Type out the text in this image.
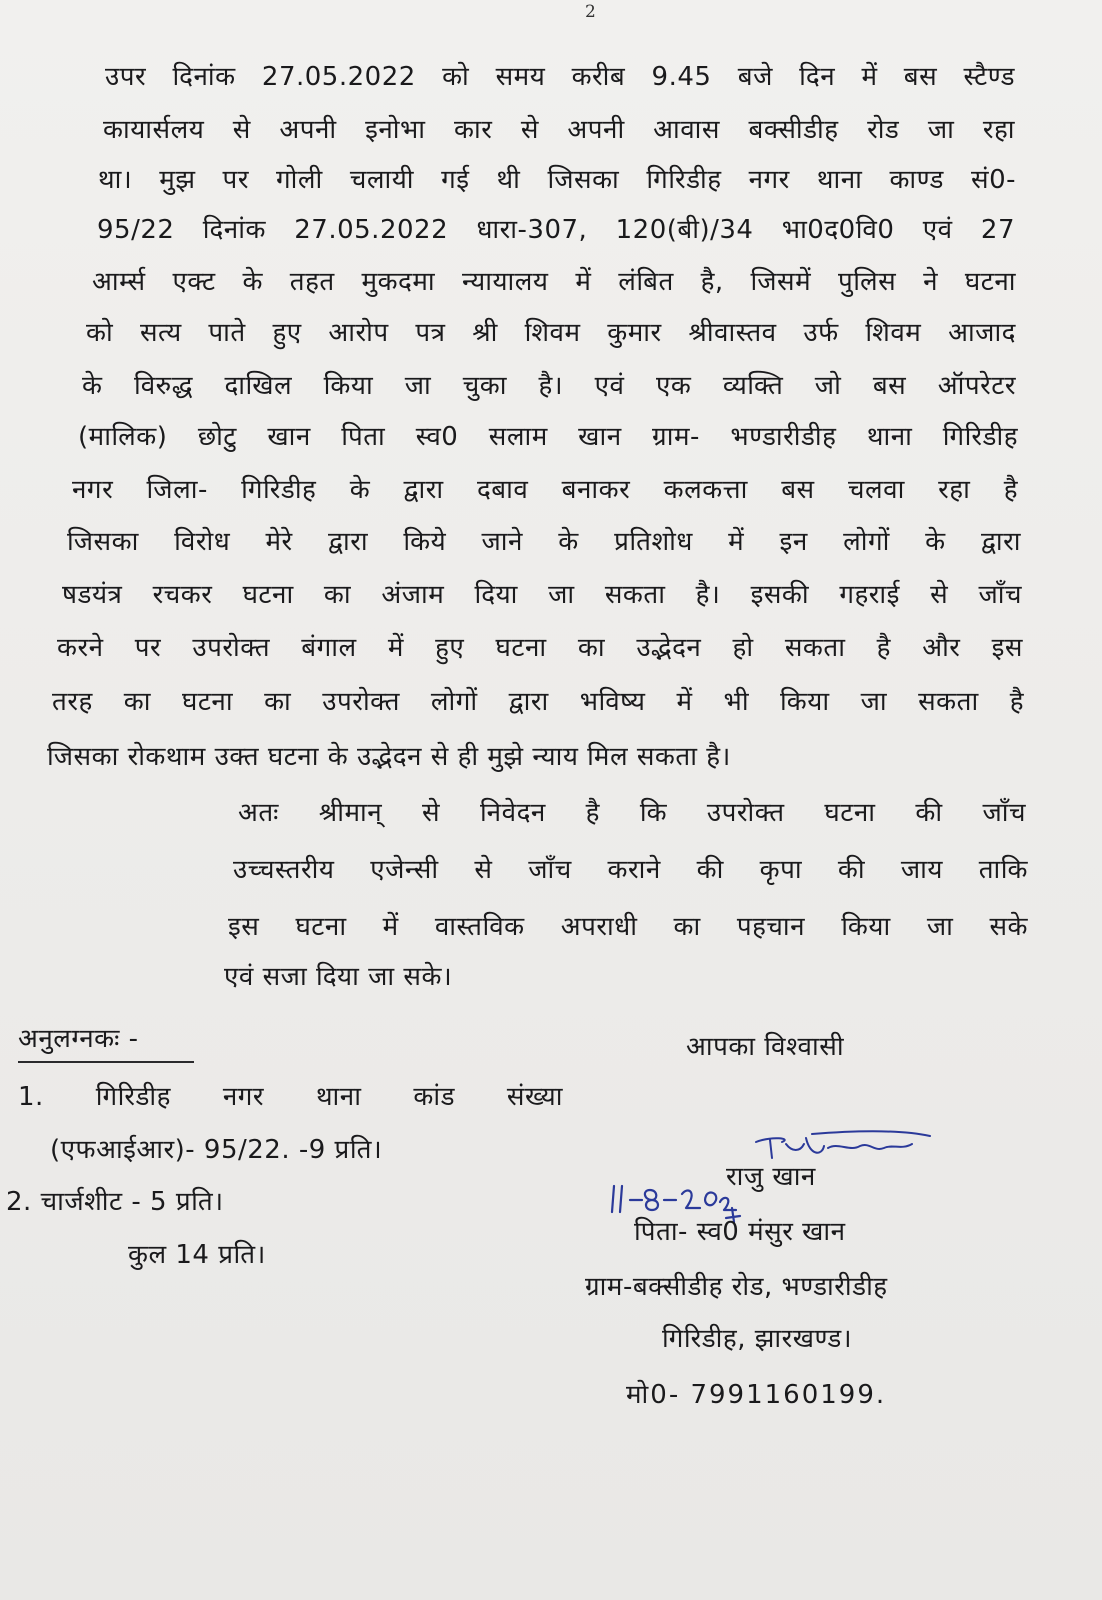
2
उपर दिनांक 27.05.2022 को समय करीब 9.45 बजे दिन में बस स्टैण्ड
कायार्सलय से अपनी इनोभा कार से अपनी आवास बक्सीडीह रोड जा रहा
था। मुझ पर गोली चलायी गई थी जिसका गिरिडीह नगर थाना काण्ड सं0-
95/22 दिनांक 27.05.2022 धारा-307, 120(बी)/34 भा0द0वि0 एवं 27
आर्म्स एक्ट के तहत मुकदमा न्यायालय में लंबित है, जिसमें पुलिस ने घटना
को सत्य पाते हुए आरोप पत्र श्री शिवम कुमार श्रीवास्तव उर्फ शिवम आजाद
के विरुद्ध दाखिल किया जा चुका है। एवं एक व्यक्ति जो बस ऑपरेटर
(मालिक) छोटु खान पिता स्व0 सलाम खान ग्राम- भण्डारीडीह थाना गिरिडीह
नगर जिला- गिरिडीह के द्वारा दबाव बनाकर कलकत्ता बस चलवा रहा है
जिसका विरोध मेरे द्वारा किये जाने के प्रतिशोध में इन लोगों के द्वारा
षडयंत्र रचकर घटना का अंजाम दिया जा सकता है। इसकी गहराई से जाँच
करने पर उपरोक्त बंगाल में हुए घटना का उद्भेदन हो सकता है और इस
तरह का घटना का उपरोक्त लोगों द्वारा भविष्य में भी किया जा सकता है
जिसका रोकथाम उक्त घटना के उद्भेदन से ही मुझे न्याय मिल सकता है।
अतः श्रीमान् से निवेदन है कि उपरोक्त घटना की जाँच
उच्चस्तरीय एजेन्सी से जाँच कराने की कृपा की जाय ताकि
इस घटना में वास्तविक अपराधी का पहचान किया जा सके
एवं सजा दिया जा सके।
अनुलग्नकः -
1. गिरिडीह नगर थाना कांड संख्या
(एफआईआर)- 95/22. -9 प्रति।
2. चार्जशीट - 5 प्रति।
कुल 14 प्रति।
आपका विश्वासी
राजु खान
पिता- स्व0 मंसुर खान
ग्राम-बक्सीडीह रोड, भण्डारीडीह
गिरिडीह, झारखण्ड।
मो0- 7991160199.
